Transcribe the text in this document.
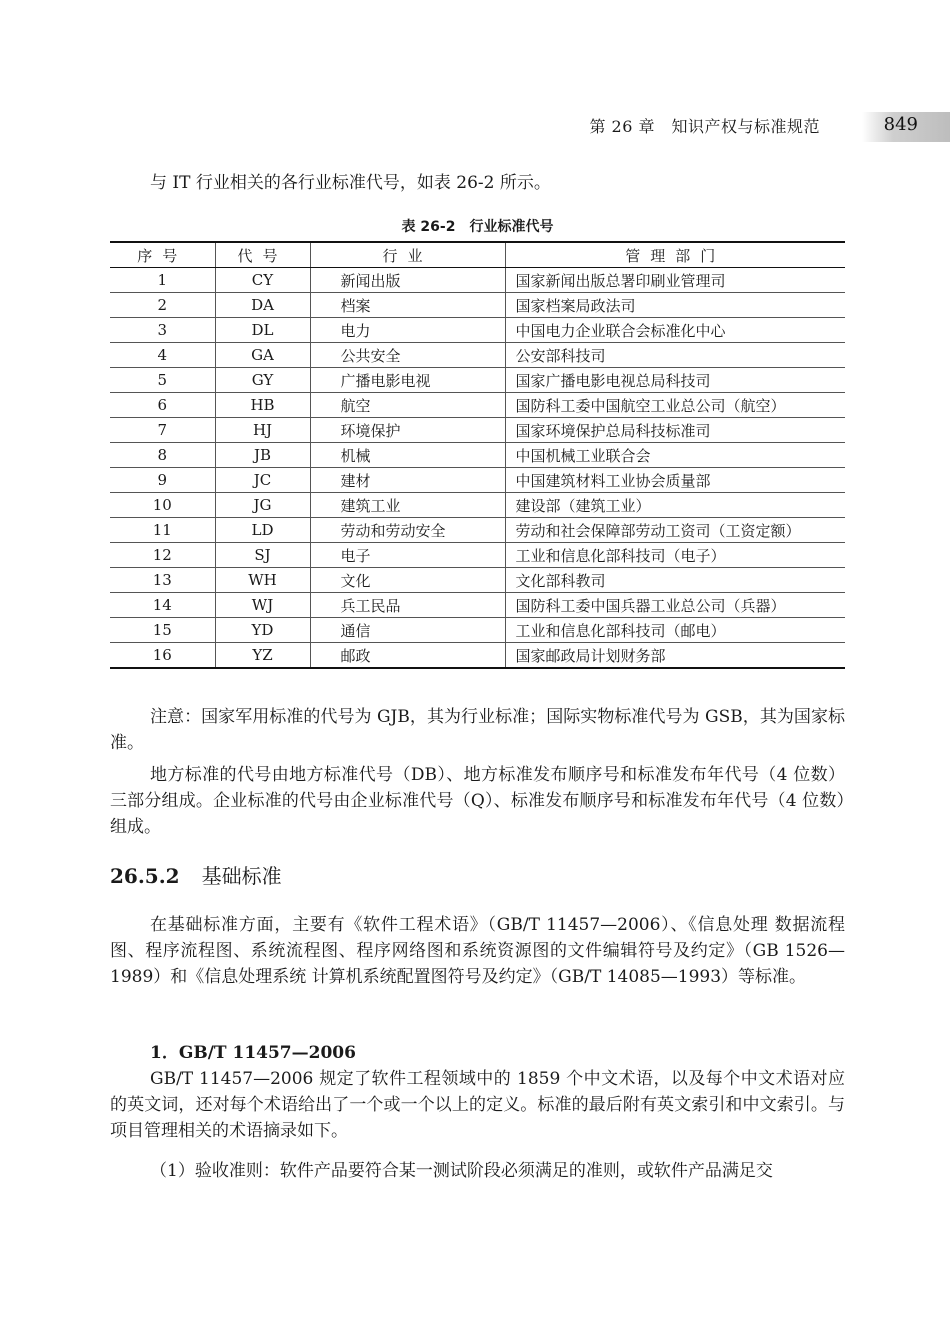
第 26 章　知识产权与标准规范	849
与 IT 行业相关的各行业标准代号，如表 26-2 所示。
表 26-2　行业标准代号
序号	代号	行业	管理部门
1	CY	新闻出版	国家新闻出版总署印刷业管理司
2	DA	档案	国家档案局政法司
3	DL	电力	中国电力企业联合会标准化中心
4	GA	公共安全	公安部科技司
5	GY	广播电影电视	国家广播电影电视总局科技司
6	HB	航空	国防科工委中国航空工业总公司（航空）
7	HJ	环境保护	国家环境保护总局科技标准司
8	JB	机械	中国机械工业联合会
9	JC	建材	中国建筑材料工业协会质量部
10	JG	建筑工业	建设部（建筑工业）
11	LD	劳动和劳动安全	劳动和社会保障部劳动工资司（工资定额）
12	SJ	电子	工业和信息化部科技司（电子）
13	WH	文化	文化部科教司
14	WJ	兵工民品	国防科工委中国兵器工业总公司（兵器）
15	YD	通信	工业和信息化部科技司（邮电）
16	YZ	邮政	国家邮政局计划财务部
注意：国家军用标准的代号为 GJB，其为行业标准；国际实物标准代号为 GSB，其为国家标准。
地方标准的代号由地方标准代号（DB）、地方标准发布顺序号和标准发布年代号（4 位数）三部分组成。企业标准的代号由企业标准代号（Q）、标准发布顺序号和标准发布年代号（4 位数）组成。
26.5.2 基础标准
在基础标准方面，主要有《软件工程术语》（GB/T 11457—2006）、《信息处理 数据流程图、程序流程图、系统流程图、程序网络图和系统资源图的文件编辑符号及约定》（GB 1526—1989）和《信息处理系统 计算机系统配置图符号及约定》（GB/T 14085—1993）等标准。
1．GB/T 11457—2006
GB/T 11457—2006 规定了软件工程领域中的 1859 个中文术语，以及每个中文术语对应的英文词，还对每个术语给出了一个或一个以上的定义。标准的最后附有英文索引和中文索引。与项目管理相关的术语摘录如下。
（1）验收准则：软件产品要符合某一测试阶段必须满足的准则，或软件产品满足交
